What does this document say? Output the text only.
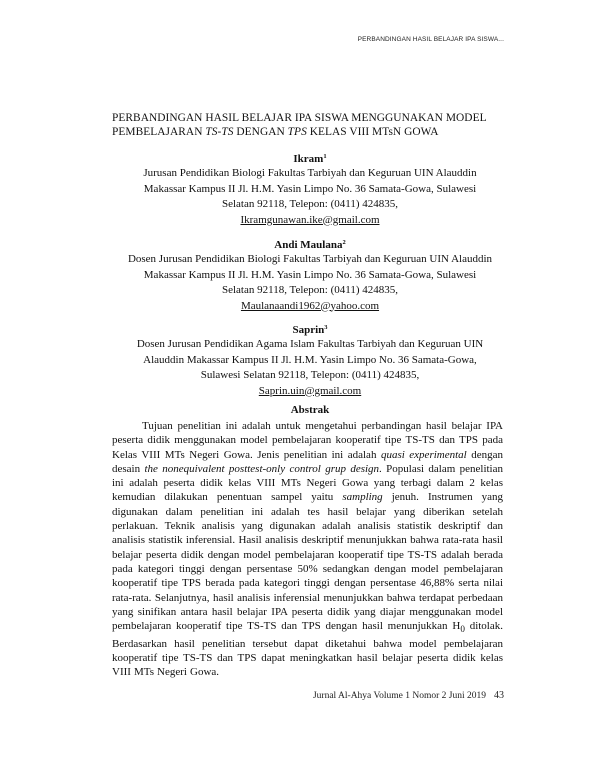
PERBANDINGAN HASIL BELAJAR IPA SISWA...
PERBANDINGAN HASIL BELAJAR IPA SISWA MENGGUNAKAN MODEL PEMBELAJARAN TS-TS DENGAN TPS KELAS VIII MTsN GOWA
Ikram$^1$
Jurusan Pendidikan Biologi Fakultas Tarbiyah dan Keguruan UIN Alauddin
Makassar Kampus II Jl. H.M. Yasin Limpo No. 36 Samata-Gowa, Sulawesi
Selatan 92118, Telepon: (0411) 424835,
Ikramgunawan.ike@gmail.com
Andi Maulana$^2$
Dosen Jurusan Pendidikan Biologi Fakultas Tarbiyah dan Keguruan UIN Alauddin
Makassar Kampus II Jl. H.M. Yasin Limpo No. 36 Samata-Gowa, Sulawesi
Selatan 92118, Telepon: (0411) 424835,
Maulanaandi1962@yahoo.com
Saprin$^3$
Dosen Jurusan Pendidikan Agama Islam Fakultas Tarbiyah dan Keguruan UIN
Alauddin Makassar Kampus II Jl. H.M. Yasin Limpo No. 36 Samata-Gowa,
Sulawesi Selatan 92118, Telepon: (0411) 424835,
Saprin.uin@gmail.com
Abstrak
Tujuan penelitian ini adalah untuk mengetahui perbandingan hasil belajar IPA peserta didik menggunakan model pembelajaran kooperatif tipe TS-TS dan TPS pada Kelas VIII MTs Negeri Gowa. Jenis penelitian ini adalah quasi experimental dengan desain the nonequivalent posttest-only control grup design. Populasi dalam penelitian ini adalah peserta didik kelas VIII MTs Negeri Gowa yang terbagi dalam 2 kelas kemudian dilakukan penentuan sampel yaitu sampling jenuh. Instrumen yang digunakan dalam penelitian ini adalah tes hasil belajar yang diberikan setelah perlakuan. Teknik analisis yang digunakan adalah analisis statistik deskriptif dan analisis statistik inferensial. Hasil analisis deskriptif menunjukkan bahwa rata-rata hasil belajar peserta didik dengan model pembelajaran kooperatif tipe TS-TS adalah berada pada kategori tinggi dengan persentase 50% sedangkan dengan model pembelajaran kooperatif tipe TPS berada pada kategori tinggi dengan persentase 46,88% serta nilai rata-rata. Selanjutnya, hasil analisis inferensial menunjukkan bahwa terdapat perbedaan yang sinifikan antara hasil belajar IPA peserta didik yang diajar menggunakan model pembelajaran kooperatif tipe TS-TS dan TPS dengan hasil menunjukkan $H_0$ ditolak. Berdasarkan hasil penelitian tersebut dapat diketahui bahwa model pembelajaran kooperatif tipe TS-TS dan TPS dapat meningkatkan hasil belajar peserta didik kelas VIII MTs Negeri Gowa.
Jurnal Al-Ahya Volume 1 Nomor 2 Juni 2019 43
